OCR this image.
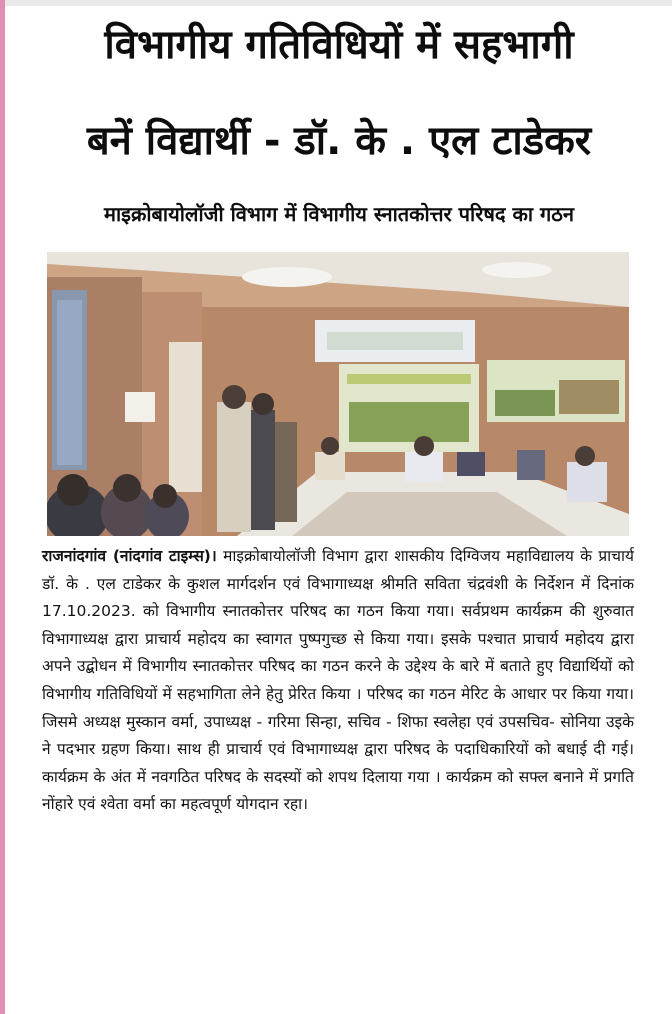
विभागीय गतिविधियों में सहभागी
बनें विद्यार्थी - डॉ. के . एल टाडेकर
माइक्रोबायोलॉजी विभाग में विभागीय स्नातकोत्तर परिषद का गठन

राजनांदगांव (नांदगांव टाइम्स)। माइक्रोबायोलॉजी विभाग द्वारा शासकीय दिग्विजय महाविद्यालय के प्राचार्य डॉ. के . एल टाडेकर के कुशल मार्गदर्शन एवं विभागाध्यक्ष श्रीमति सविता चंद्रवंशी के निर्देशन में दिनांक 17.10.2023. को विभागीय स्नातकोत्तर परिषद का गठन किया गया। सर्वप्रथम कार्यक्रम की शुरुवात विभागाध्यक्ष द्वारा प्राचार्य महोदय का स्वागत पुष्पगुच्छ से किया गया। इसके पश्चात प्राचार्य महोदय द्वारा अपने उद्बोधन में विभागीय स्नातकोत्तर परिषद का गठन करने के उद्देश्य के बारे में बताते हुए विद्यार्थियों को विभागीय गतिविधियों में सहभागिता लेने हेतु प्रेरित किया । परिषद का गठन मेरिट के आधार पर किया गया। जिसमे अध्यक्ष मुस्कान वर्मा, उपाध्यक्ष - गरिमा सिन्हा, सचिव - शिफा स्वलेहा एवं उपसचिव- सोनिया उइके ने पदभार ग्रहण किया। साथ ही प्राचार्य एवं विभागाध्यक्ष द्वारा परिषद के पदाधिकारियों को बधाई दी गई। कार्यक्रम के अंत में नवगठित परिषद के सदस्यों को शपथ दिलाया गया । कार्यक्रम को सफ्ल बनाने में प्रगति नोंहारे एवं श्वेता वर्मा का महत्वपूर्ण योगदान रहा।
